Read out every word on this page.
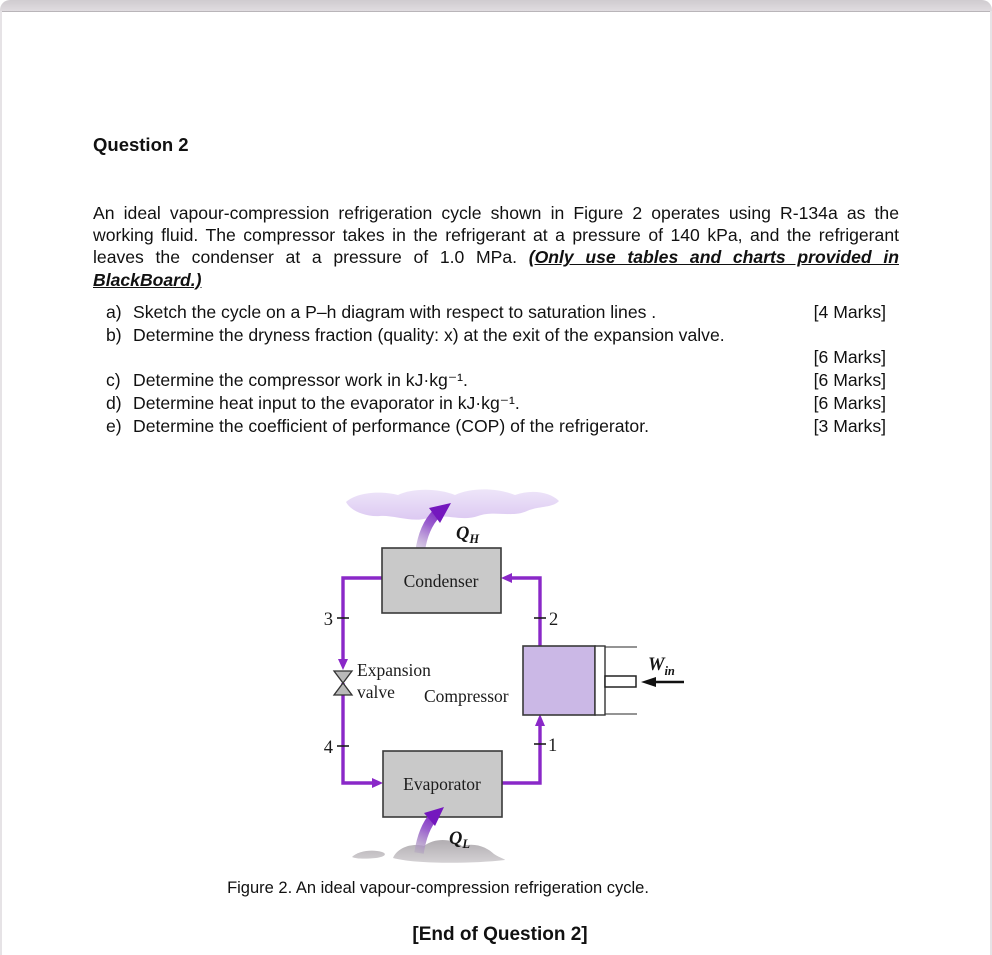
Question 2

An ideal vapour-compression refrigeration cycle shown in Figure 2 operates using R-134a as the working fluid. The compressor takes in the refrigerant at a pressure of 140 kPa, and the refrigerant leaves the condenser at a pressure of 1.0 MPa. (Only use tables and charts provided in BlackBoard.)

a) Sketch the cycle on a P–h diagram with respect to saturation lines .	[4 Marks]
b) Determine the dryness fraction (quality: x) at the exit of the expansion valve.
[6 Marks]
c) Determine the compressor work in kJ·kg⁻¹.	[6 Marks]
d) Determine heat input to the evaporator in kJ·kg⁻¹.	[6 Marks]
e) Determine the coefficient of performance (COP) of the refrigerator.	[3 Marks]
$Q_H$
3
4
2
1
Expansion
valve
Condenser
Evaporator
Compressor
$W_{in}$
$Q_L$
Figure 2. An ideal vapour-compression refrigeration cycle.
[End of Question 2]
